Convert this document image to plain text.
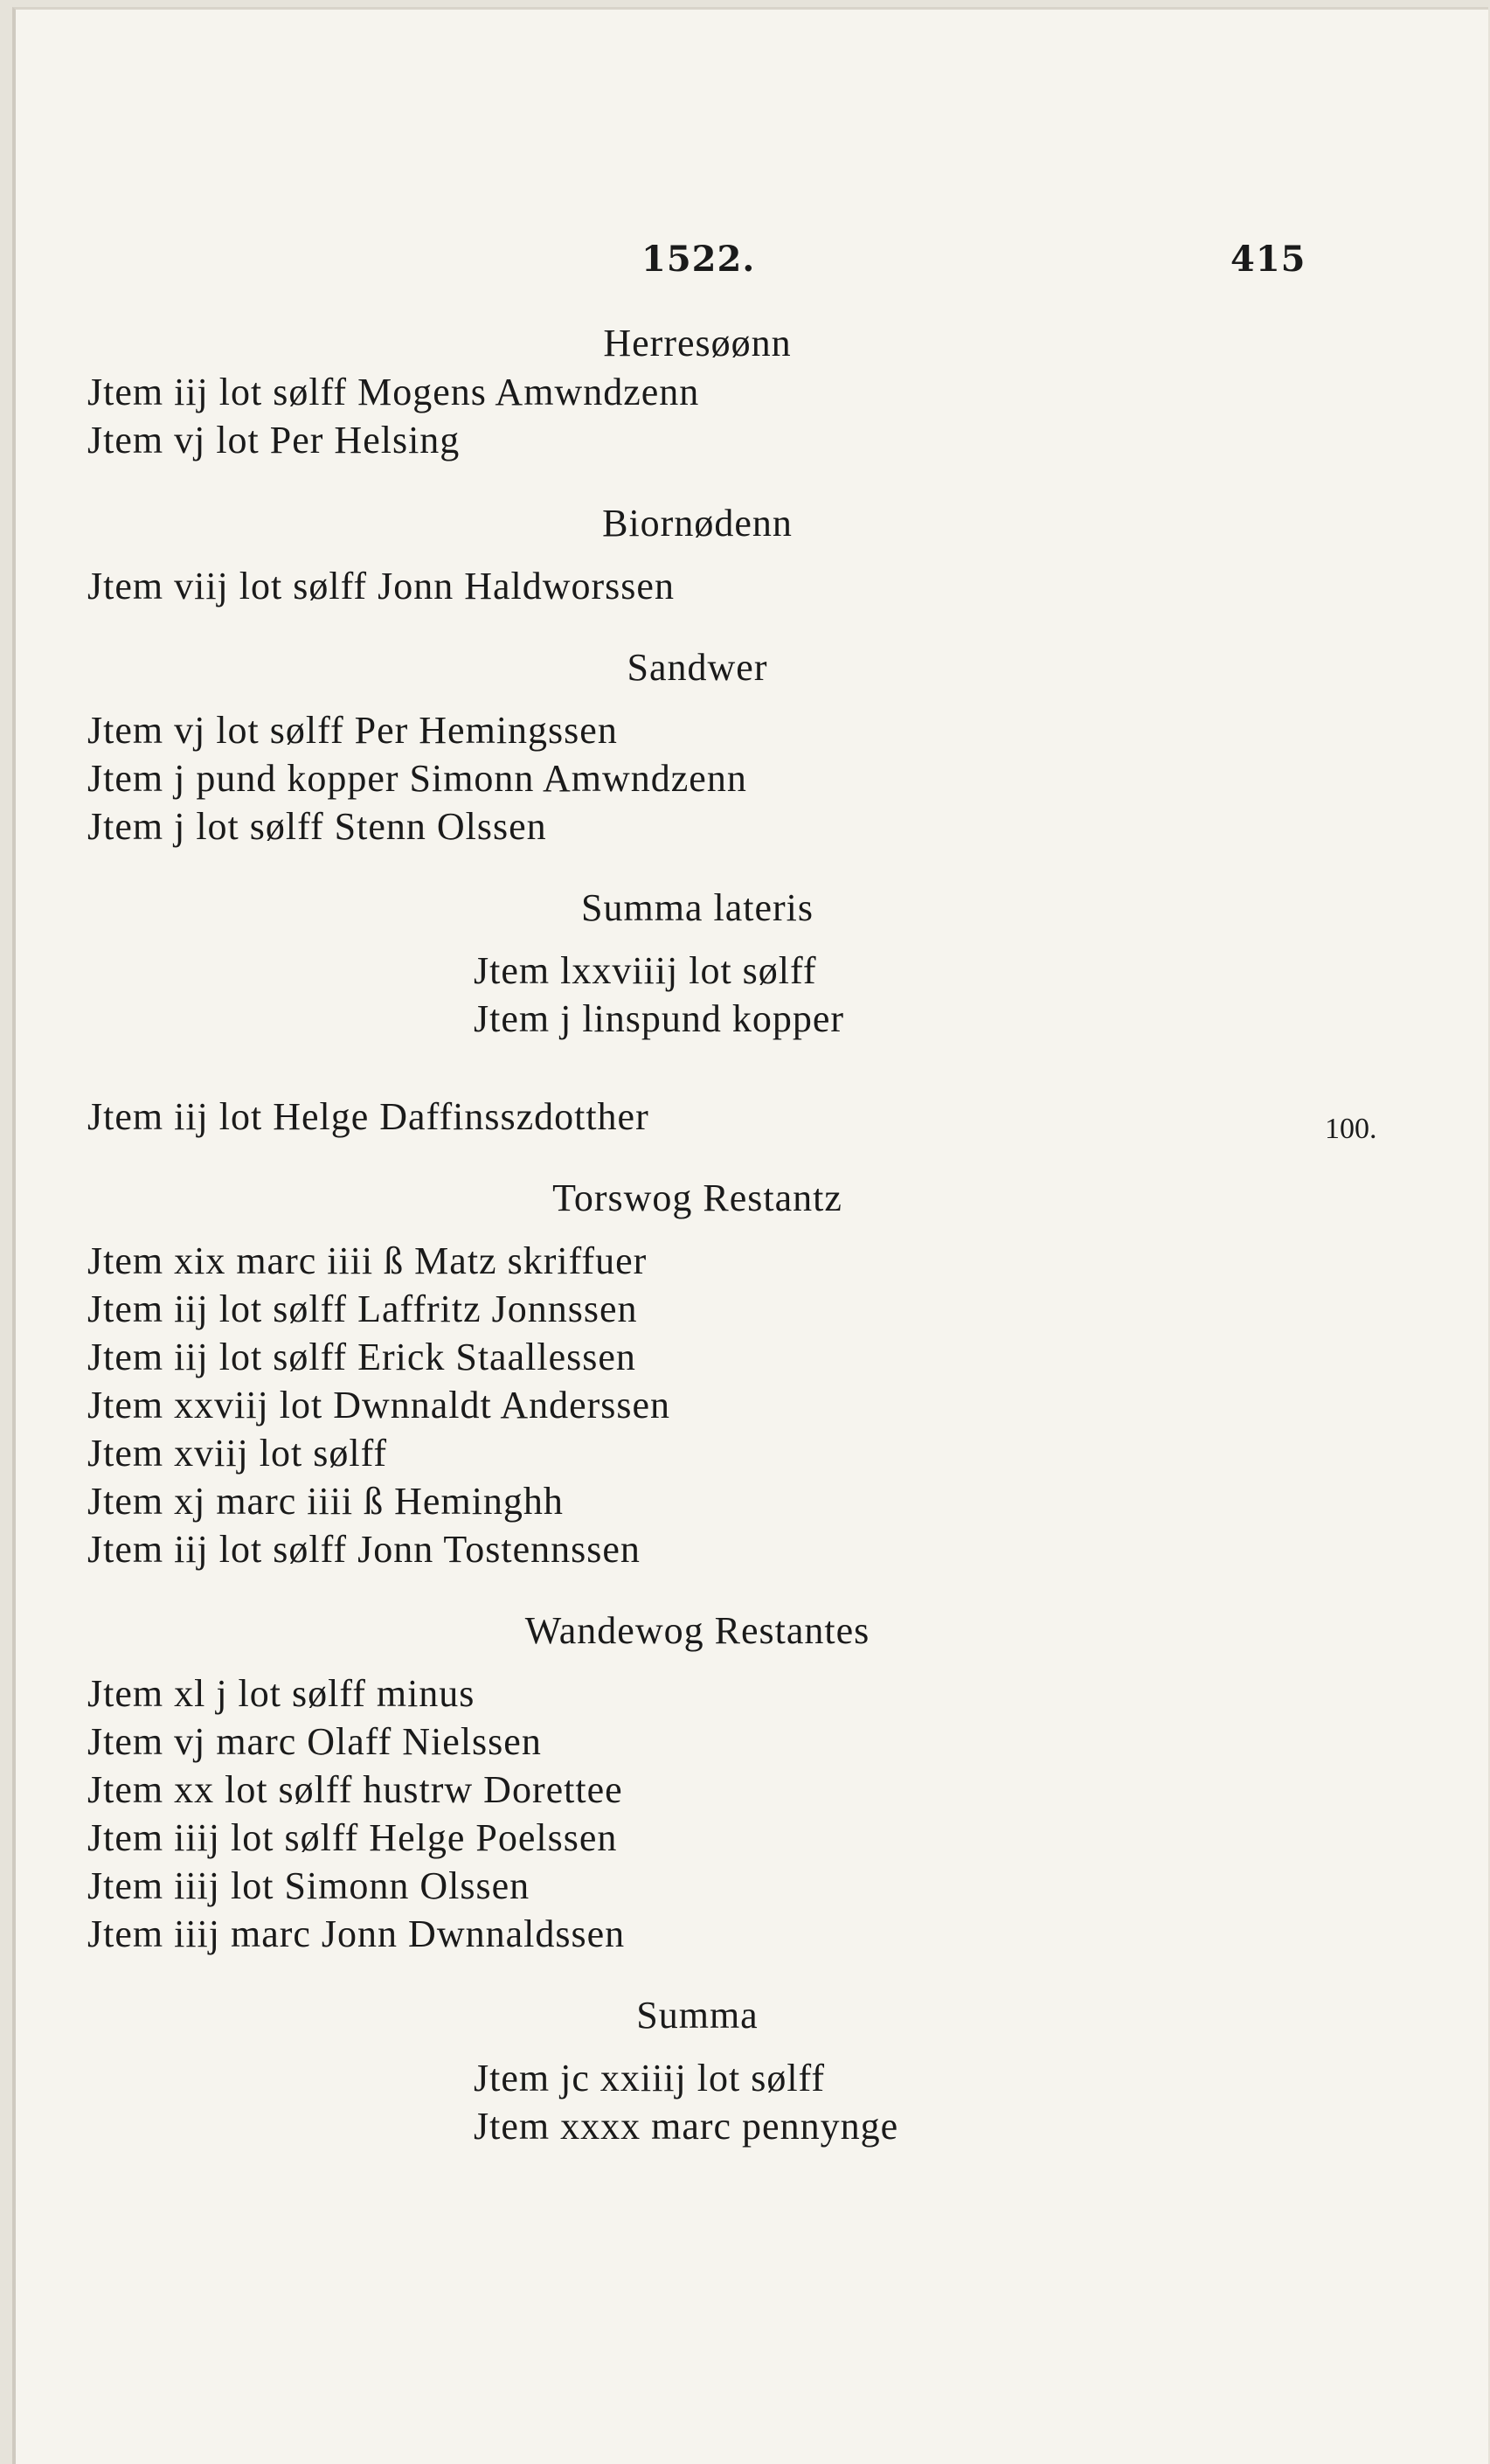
1522.	415
Herresøønn
Jtem iij lot sølff Mogens Amwndzenn
Jtem vj lot Per Helsing
Biornødenn
Jtem viij lot sølff Jonn Haldworssen
Sandwer
Jtem vj lot sølff Per Hemingssen
Jtem j pund kopper Simonn Amwndzenn
Jtem j lot sølff Stenn Olssen
Summa lateris
Jtem lxxviiij lot sølff
Jtem j linspund kopper
Jtem iij lot Helge Daffinsszdotther	100.
Torswog Restantz
Jtem xix marc iiii ß Matz skriffuer
Jtem iij lot sølff Laffritz Jonnssen
Jtem iij lot sølff Erick Staallessen
Jtem xxviij lot Dwnnaldt Anderssen
Jtem xviij lot sølff
Jtem xj marc iiii ß Heminghh
Jtem iij lot sølff Jonn Tostennssen
Wandewog Restantes
Jtem xl j lot sølff minus
Jtem vj marc Olaff Nielssen
Jtem xx lot sølff hustrw Dorettee
Jtem iiij lot sølff Helge Poelssen
Jtem iiij lot Simonn Olssen
Jtem iiij marc Jonn Dwnnaldssen
Summa
Jtem jc xxiiij lot sølff
Jtem xxxx marc pennynge
